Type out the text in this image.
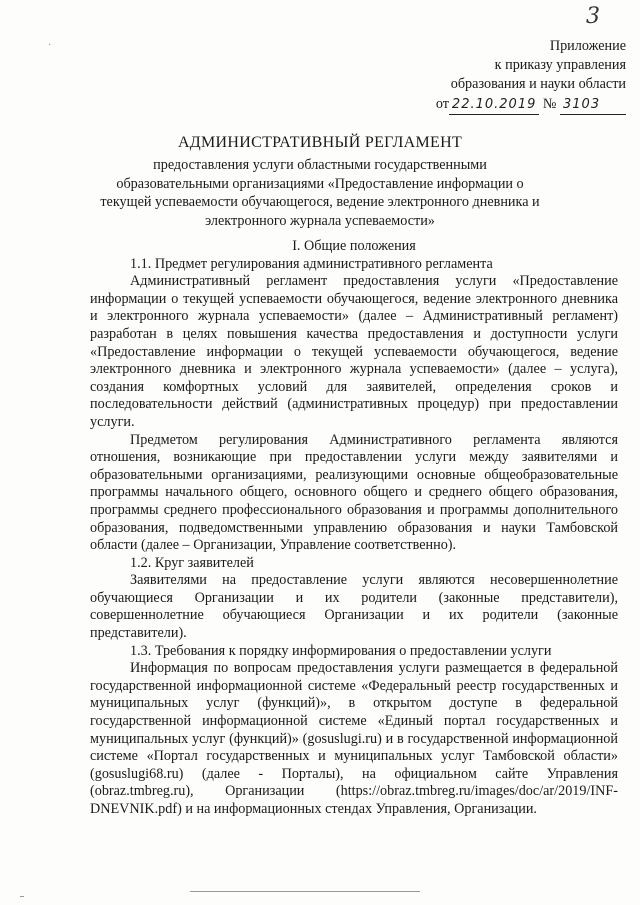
3
·	Приложение
к приказу управления
образования и науки области
от 22.10.2019 № 3103
АДМИНИСТРАТИВНЫЙ РЕГЛАМЕНТ
предоставления услуги областными государственными образовательными организациями «Предоставление информации о текущей успеваемости обучающегося, ведение электронного дневника и электронного журнала успеваемости»
I. Общие положения
1.1. Предмет регулирования административного регламента

Административный регламент предоставления услуги «Предоставление информации о текущей успеваемости обучающегося, ведение электронного дневника и электронного журнала успеваемости» (далее – Административный регламент) разработан в целях повышения качества предоставления и доступности услуги «Предоставление информации о текущей успеваемости обучающегося, ведение электронного дневника и электронного журнала успеваемости» (далее – услуга), создания комфортных условий для заявителей, определения сроков и последовательности действий (административных процедур) при предоставлении услуги.

Предметом регулирования Административного регламента являются отношения, возникающие при предоставлении услуги между заявителями и образовательными организациями, реализующими основные общеобразовательные программы начального общего, основного общего и среднего общего образования, программы среднего профессионального образования и программы дополнительного образования, подведомственными управлению образования и науки Тамбовской области (далее – Организации, Управление соответственно).

1.2. Круг заявителей

Заявителями на предоставление услуги являются несовершеннолетние обучающиеся Организации и их родители (законные представители), совершеннолетние обучающиеся Организации и их родители (законные представители).

1.3. Требования к порядку информирования о предоставлении услуги

Информация по вопросам предоставления услуги размещается в федеральной государственной информационной системе «Федеральный реестр государственных и муниципальных услуг (функций)», в открытом доступе в федеральной государственной информационной системе «Единый портал государственных и муниципальных услуг (функций)» (gosuslugi.ru) и в государственной информационной системе «Портал государственных и муниципальных услуг Тамбовской области» (gosuslugi68.ru) (далее - Порталы), на официальном сайте Управления (obraz.tmbreg.ru), Организации (https://obraz.tmbreg.ru/images/doc/ar/2019/INF-DNEVNIK.pdf) и на информационных стендах Управления, Организации.
